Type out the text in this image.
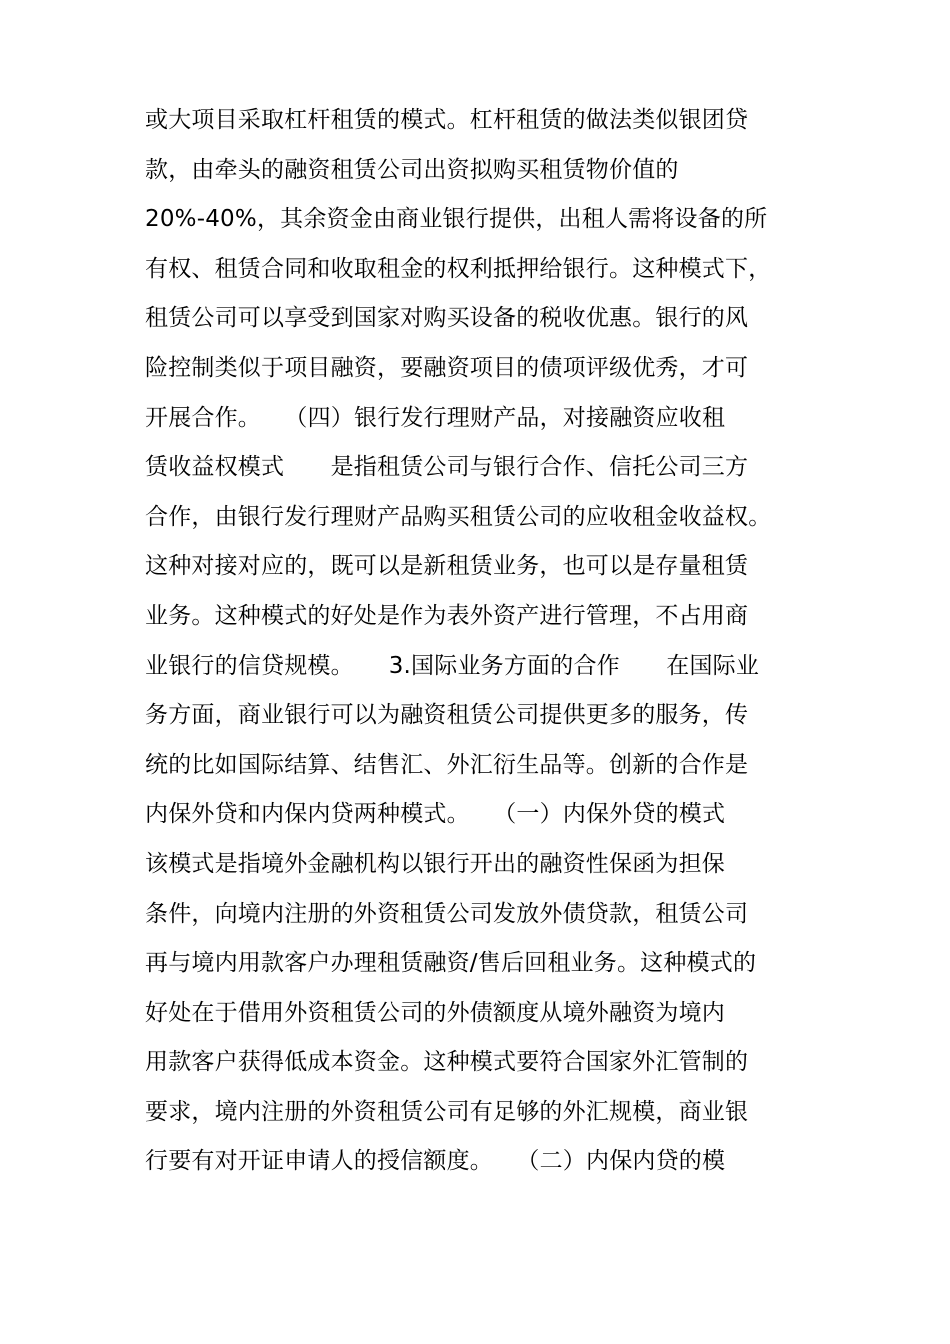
或大项目采取杠杆租赁的模式。杠杆租赁的做法类似银团贷
款，由牵头的融资租赁公司出资拟购买租赁物价值的
20%-40%，其余资金由商业银行提供，出租人需将设备的所
有权、租赁合同和收取租金的权利抵押给银行。这种模式下，
租赁公司可以享受到国家对购买设备的税收优惠。银行的风
险控制类似于项目融资，要融资项目的债项评级优秀，才可
开展合作。　　（四）银行发行理财产品，对接融资应收租
赁收益权模式　　是指租赁公司与银行合作、信托公司三方
合作，由银行发行理财产品购买租赁公司的应收租金收益权。
这种对接对应的，既可以是新租赁业务，也可以是存量租赁
业务。这种模式的好处是作为表外资产进行管理，不占用商
业银行的信贷规模。　　3.国际业务方面的合作　　在国际业
务方面，商业银行可以为融资租赁公司提供更多的服务，传
统的比如国际结算、结售汇、外汇衍生品等。创新的合作是
内保外贷和内保内贷两种模式。　　（一）内保外贷的模式
该模式是指境外金融机构以银行开出的融资性保函为担保
条件，向境内注册的外资租赁公司发放外债贷款，租赁公司
再与境内用款客户办理租赁融资/售后回租业务。这种模式的
好处在于借用外资租赁公司的外债额度从境外融资为境内
用款客户获得低成本资金。这种模式要符合国家外汇管制的
要求，境内注册的外资租赁公司有足够的外汇规模，商业银
行要有对开证申请人的授信额度。　　（二）内保内贷的模
